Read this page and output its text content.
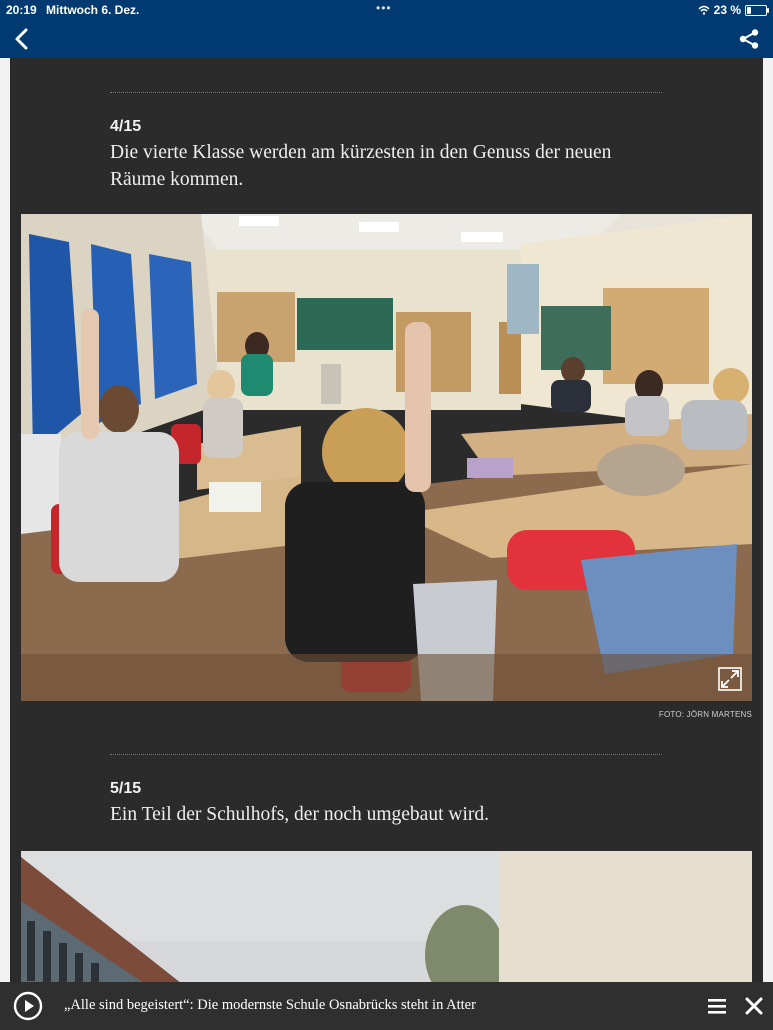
20:19 Mittwoch 6. Dez.	•••	23 %
4/15
Die vierte Klasse werden am kürzesten in den Genuss der neuen Räume kommen.
FOTO: JÖRN MARTENS
5/15
Ein Teil der Schulhofs, der noch umgebaut wird.
„Alle sind begeistert“: Die modernste Schule Osnabrücks steht in Atter
